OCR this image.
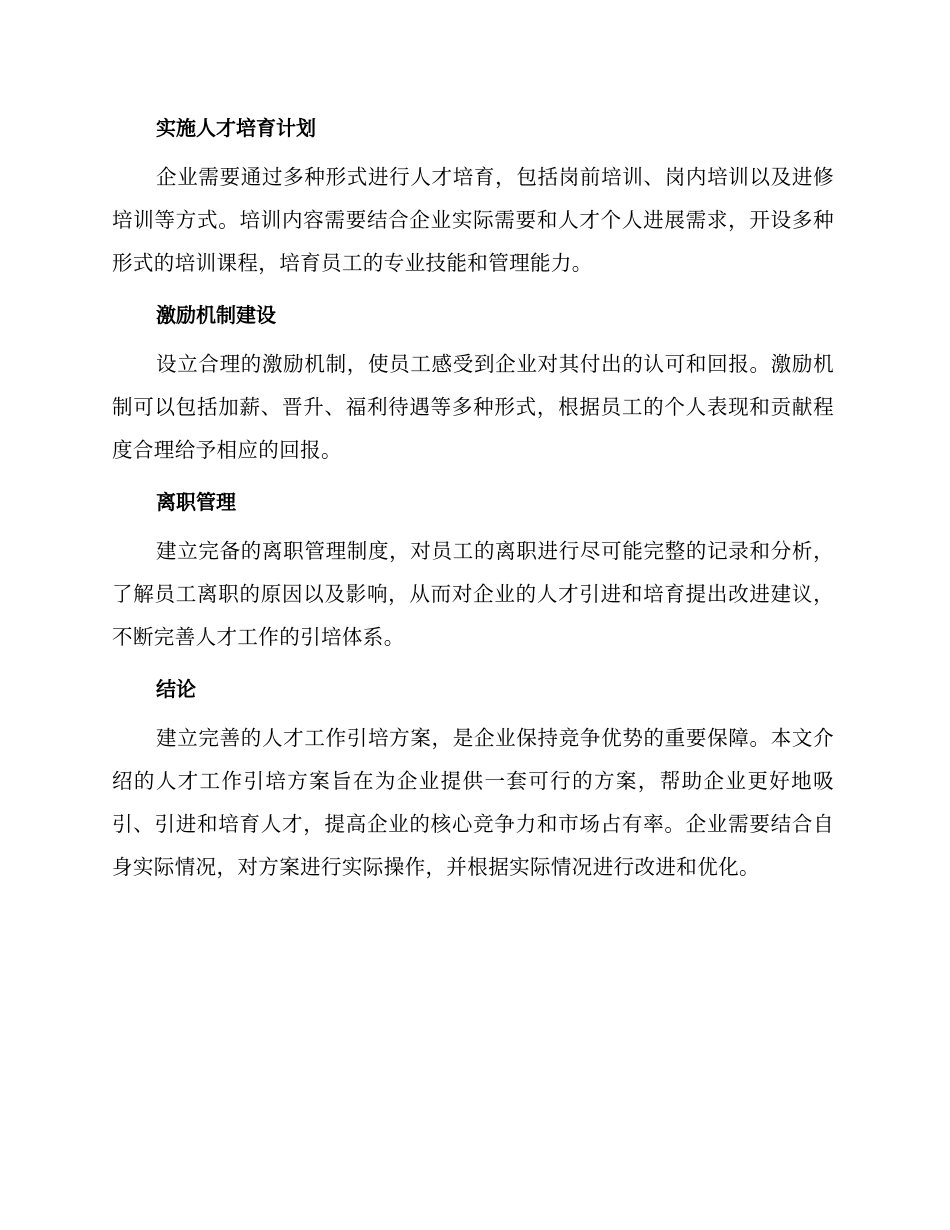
实施人才培育计划

企业需要通过多种形式进行人才培育，包括岗前培训、岗内培训以及进修培训等方式。培训内容需要结合企业实际需要和人才个人进展需求，开设多种形式的培训课程，培育员工的专业技能和管理能力。

激励机制建设

设立合理的激励机制，使员工感受到企业对其付出的认可和回报。激励机制可以包括加薪、晋升、福利待遇等多种形式，根据员工的个人表现和贡献程度合理给予相应的回报。

离职管理

建立完备的离职管理制度，对员工的离职进行尽可能完整的记录和分析，了解员工离职的原因以及影响，从而对企业的人才引进和培育提出改进建议，不断完善人才工作的引培体系。

结论

建立完善的人才工作引培方案，是企业保持竞争优势的重要保障。本文介绍的人才工作引培方案旨在为企业提供一套可行的方案，帮助企业更好地吸引、引进和培育人才，提高企业的核心竞争力和市场占有率。企业需要结合自身实际情况，对方案进行实际操作，并根据实际情况进行改进和优化。
